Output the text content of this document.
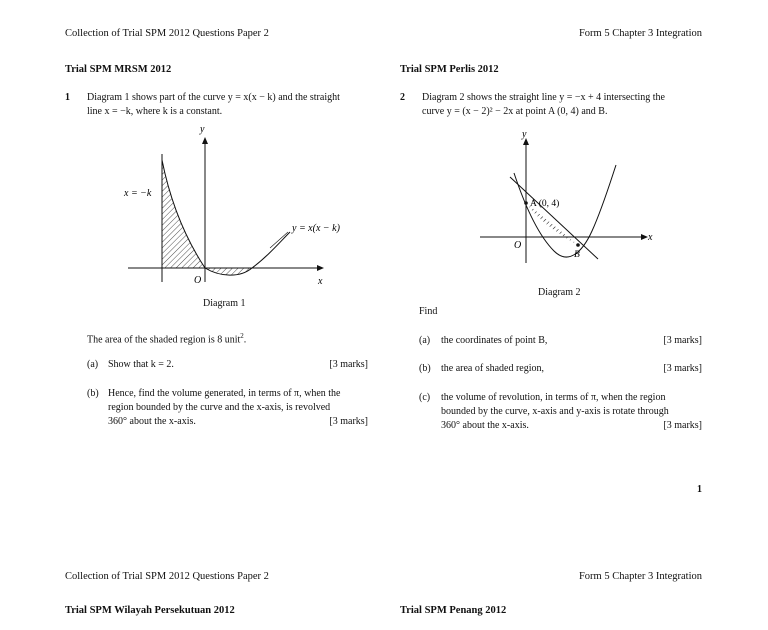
Collection of Trial SPM 2012 Questions Paper 2	Form 5 Chapter 3 Integration
Trial SPM MRSM 2012
1 Diagram 1 shows part of the curve y = x(x − k) and the straight
line x = −k, where k is a constant.
y
x
O
x = −k
y = x(x − k)
Diagram 1
The area of the shaded region is 8 unit$^2$.
(a) Show that k = 2.	[3 marks]
(b) Hence, find the volume generated, in terms of π, when the
region bounded by the curve and the x-axis, is revolved
360° about the x-axis.	[3 marks]
Trial SPM Perlis 2012
2 Diagram 2 shows the straight line y = −x + 4 intersecting the
curve y = (x − 2)² − 2x at point A (0, 4) and B.
y
x
O
A (0, 4)
B
Diagram 2
Find
(a) the coordinates of point B,	[3 marks]
(b) the area of shaded region,	[3 marks]
(c) the volume of revolution, in terms of π, when the region
bounded by the curve, x-axis and y-axis is rotate through
360° about the x-axis.	[3 marks]
1
Collection of Trial SPM 2012 Questions Paper 2	Form 5 Chapter 3 Integration
Trial SPM Wilayah Persekutuan 2012	Trial SPM Penang 2012
